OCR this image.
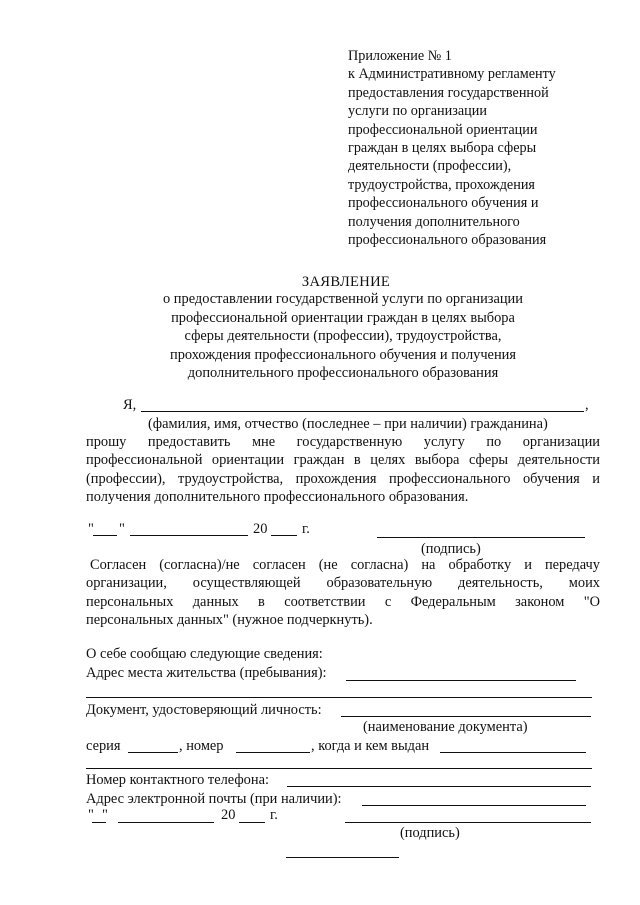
Приложение № 1
к Административному регламенту
предоставления государственной
услуги по организации
профессиональной ориентации
граждан в целях выбора сферы
деятельности (профессии),
трудоустройства, прохождения
профессионального обучения и
получения дополнительного
профессионального образования
ЗАЯВЛЕНИЕ
о предоставлении государственной услуги по организации
профессиональной ориентации граждан в целях выбора
сферы деятельности (профессии), трудоустройства,
прохождения профессионального обучения и получения
дополнительного профессионального образования
Я,	,
(фамилия, имя, отчество (последнее – при наличии) гражданина)
прошу предоставить мне государственную услугу по организации
профессиональной ориентации граждан в целях выбора сферы деятельности
(профессии), трудоустройства, прохождения профессионального обучения и
получения дополнительного профессионального образования.
" "	20 г.
(подпись)
Согласен (согласна)/не согласен (не согласна) на обработку и передачу
организации, осуществляющей образовательную деятельность, моих
персональных данных в соответствии с Федеральным законом "О
персональных данных" (нужное подчеркнуть).
О себе сообщаю следующие сведения:
Адрес места жительства (пребывания):
Документ, удостоверяющий личность:
(наименование документа)
серия	, номер	, когда и кем выдан
Номер контактного телефона:
Адрес электронной почты (при наличии):
" "	20 г.
(подпись)
